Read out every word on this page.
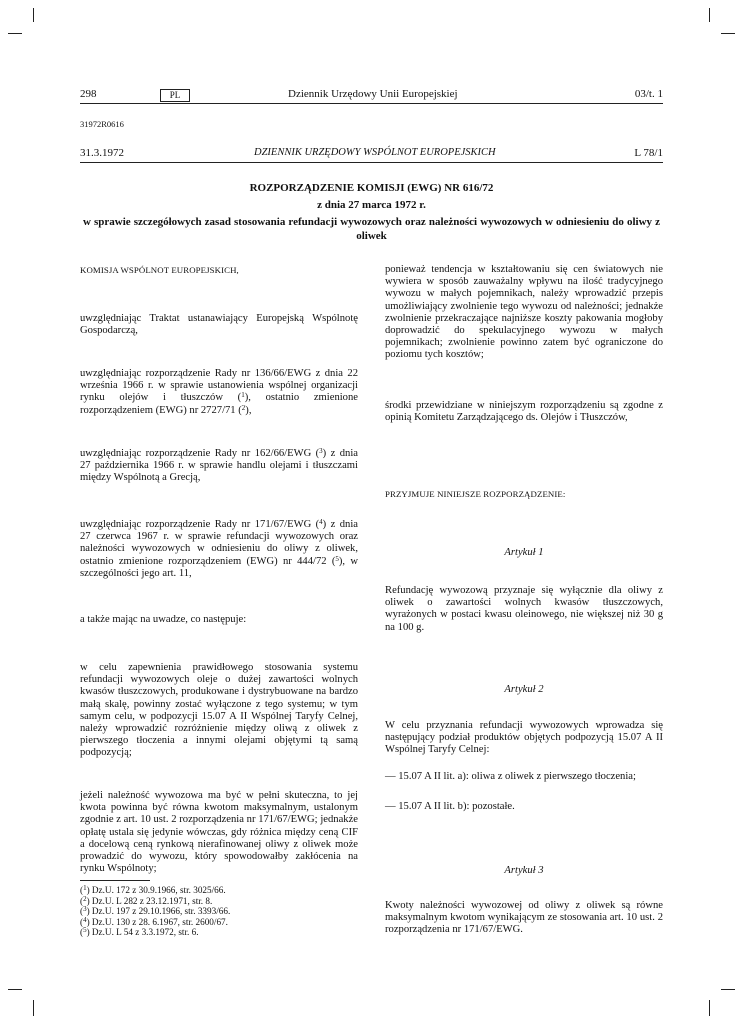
298	PL	Dziennik Urzędowy Unii Europejskiej	03/t. 1
31972R0616
31.3.1972	DZIENNIK URZĘDOWY WSPÓLNOT EUROPEJSKICH	L 78/1
ROZPORZĄDZENIE KOMISJI (EWG) NR 616/72
z dnia 27 marca 1972 r.
w sprawie szczegółowych zasad stosowania refundacji wywozowych oraz należności wywozowych w odniesieniu do oliwy z oliwek
KOMISJA WSPÓLNOT EUROPEJSKICH,

uwzględniając Traktat ustanawiający Europejską Wspólnotę Gospodarczą,

uwzględniając rozporządzenie Rady nr 136/66/EWG z dnia 22 września 1966 r. w sprawie ustanowienia wspólnej organizacji rynku olejów i tłuszczów ($^1$), ostatnio zmienione rozporządzeniem (EWG) nr 2727/71 ($^2$),

uwzględniając rozporządzenie Rady nr 162/66/EWG ($^3$) z dnia 27 października 1966 r. w sprawie handlu olejami i tłuszczami między Wspólnotą a Grecją,

uwzględniając rozporządzenie Rady nr 171/67/EWG ($^4$) z dnia 27 czerwca 1967 r. w sprawie refundacji wywozowych oraz należności wywozowych w odniesieniu do oliwy z oliwek, ostatnio zmienione rozporządzeniem (EWG) nr 444/72 ($^5$), w szczególności jego art. 11,

a także mając na uwadze, co następuje:

w celu zapewnienia prawidłowego stosowania systemu refundacji wywozowych oleje o dużej zawartości wolnych kwasów tłuszczowych, produkowane i dystrybuowane na bardzo małą skalę, powinny zostać wyłączone z tego systemu; w tym samym celu, w podpozycji 15.07 A II Wspólnej Taryfy Celnej, należy wprowadzić rozróżnienie między oliwą z oliwek z pierwszego tłoczenia a innymi olejami objętymi tą samą podpozycją;

jeżeli należność wywozowa ma być w pełni skuteczna, to jej kwota powinna być równa kwotom maksymalnym, ustalonym zgodnie z art. 10 ust. 2 rozporządzenia nr 171/67/EWG; jednakże opłatę ustala się jedynie wówczas, gdy różnica między ceną CIF a docelową ceną rynkową nierafinowanej oliwy z oliwek może prowadzić do wywozu, który spowodowałby zakłócenia na rynku Wspólnoty;

($^1$) Dz.U. 172 z 30.9.1966, str. 3025/66.
($^2$) Dz.U. L 282 z 23.12.1971, str. 8.
($^3$) Dz.U. 197 z 29.10.1966, str. 3393/66.
($^4$) Dz.U. 130 z 28. 6.1967, str. 2600/67.
($^5$) Dz.U. L 54 z 3.3.1972, str. 6.

ponieważ tendencja w kształtowaniu się cen światowych nie wywiera w sposób zauważalny wpływu na ilość tradycyjnego wywozu w małych pojemnikach, należy wprowadzić przepis umożliwiający zwolnienie tego wywozu od należności; jednakże zwolnienie przekraczające najniższe koszty pakowania mogłoby doprowadzić do spekulacyjnego wywozu w małych pojemnikach; zwolnienie powinno zatem być ograniczone do poziomu tych kosztów;

środki przewidziane w niniejszym rozporządzeniu są zgodne z opinią Komitetu Zarządzającego ds. Olejów i Tłuszczów,

PRZYJMUJE NINIEJSZE ROZPORZĄDZENIE:
Artykuł 1
Refundację wywozową przyznaje się wyłącznie dla oliwy z oliwek o zawartości wolnych kwasów tłuszczowych, wyrażonych w postaci kwasu oleinowego, nie większej niż 30 g na 100 g.
Artykuł 2
W celu przyznania refundacji wywozowych wprowadza się następujący podział produktów objętych podpozycją 15.07 A II Wspólnej Taryfy Celnej:
— 15.07 A II lit. a): oliwa z oliwek z pierwszego tłoczenia;
— 15.07 A II lit. b): pozostałe.
Artykuł 3
Kwoty należności wywozowej od oliwy z oliwek są równe maksymalnym kwotom wynikającym ze stosowania art. 10 ust. 2 rozporządzenia nr 171/67/EWG.
